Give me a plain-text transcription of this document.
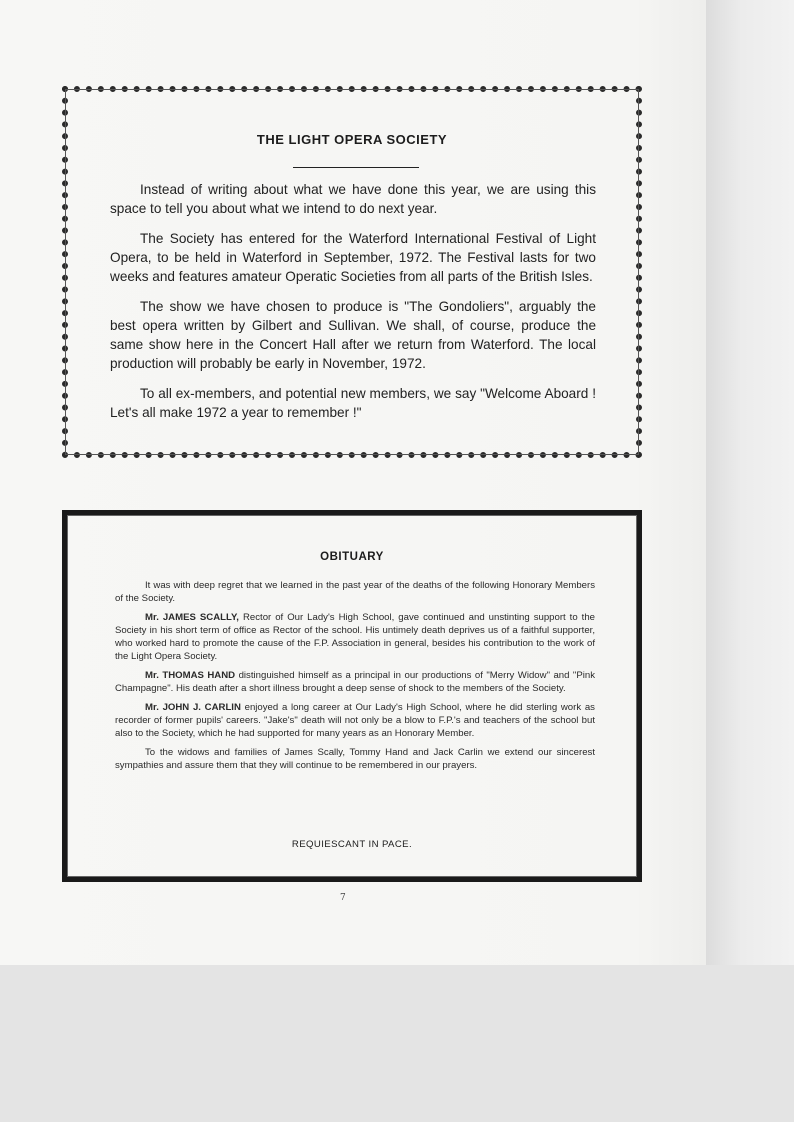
THE LIGHT OPERA SOCIETY

Instead of writing about what we have done this year, we are using this space to tell you about what we intend to do next year.

The Society has entered for the Waterford International Festival of Light Opera, to be held in Waterford in September, 1972. The Festival lasts for two weeks and features amateur Operatic Societies from all parts of the British Isles.

The show we have chosen to produce is "The Gondoliers", arguably the best opera written by Gilbert and Sullivan. We shall, of course, produce the same show here in the Concert Hall after we return from Waterford. The local production will probably be early in November, 1972.

To all ex-members, and potential new members, we say "Welcome Aboard ! Let's all make 1972 a year to remember !"

OBITUARY

It was with deep regret that we learned in the past year of the deaths of the following Honorary Members of the Society.

Mr. JAMES SCALLY, Rector of Our Lady's High School, gave continued and unstinting support to the Society in his short term of office as Rector of the school. His untimely death deprives us of a faithful supporter, who worked hard to promote the cause of the F.P. Association in general, besides his contribution to the work of the Light Opera Society.

Mr. THOMAS HAND distinguished himself as a principal in our productions of "Merry Widow" and "Pink Champagne". His death after a short illness brought a deep sense of shock to the members of the Society.

Mr. JOHN J. CARLIN enjoyed a long career at Our Lady's High School, where he did sterling work as recorder of former pupils' careers. "Jake's" death will not only be a blow to F.P.'s and teachers of the school but also to the Society, which he had supported for many years as an Honorary Member.

To the widows and families of James Scally, Tommy Hand and Jack Carlin we extend our sincerest sympathies and assure them that they will continue to be remembered in our prayers.

REQUIESCANT IN PACE.
7
